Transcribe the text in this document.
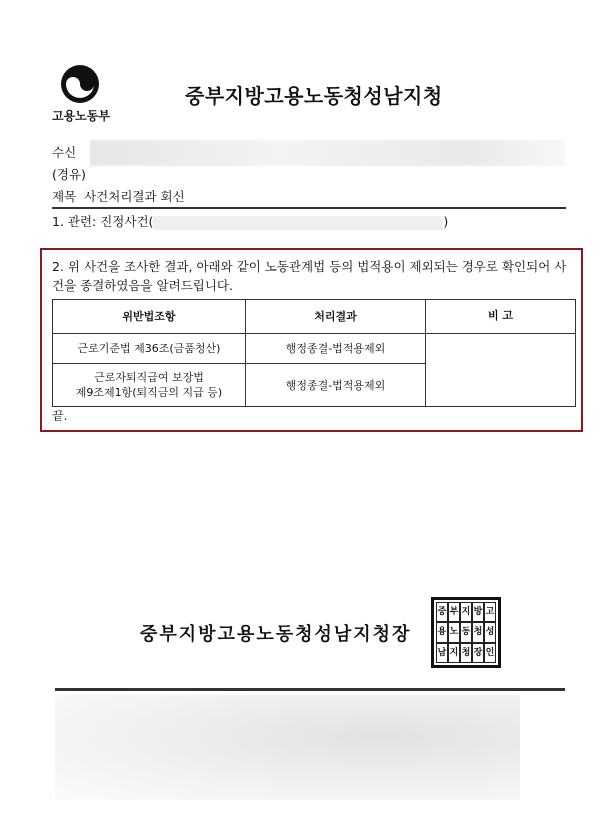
고용노동부
중부지방고용노동청성남지청
수신
(경유)
제목 사건처리결과 회신
1. 관련: 진정사건(	)
2. 위 사건을 조사한 결과, 아래와 같이 노동관계법 등의 법적용이 제외되는 경우로 확인되어 사건을 종결하였음을 알려드립니다.
위반법조항	처리결과	비 고
근로기준법 제36조(금품청산)	행정종결-법적용제외	

근로자퇴직급여 보장법
제9조제1항(퇴직금의 지급 등)	행정종결-법적용제외	
끝.
중부지방고용노동청성남지청장
중 부 지 방 고
용 노 동 청 성
남 지 청 장 인
